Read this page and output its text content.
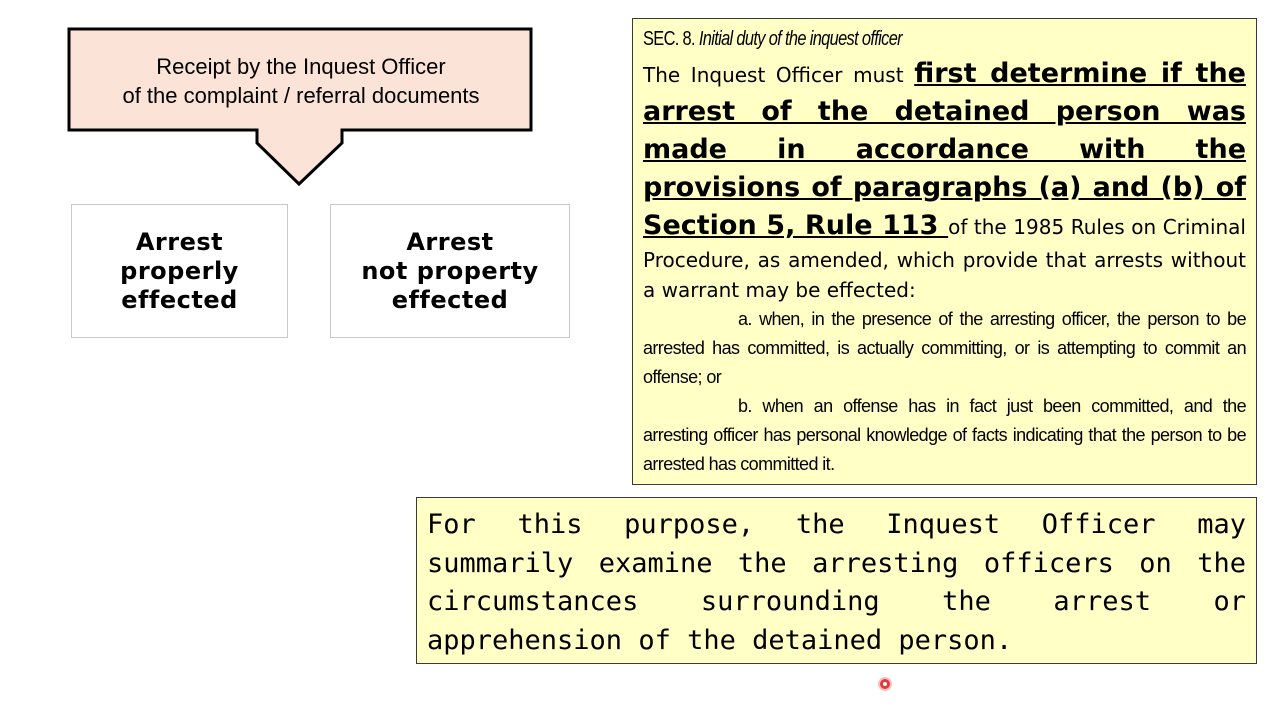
Receipt by the Inquest Officer
of the complaint / referral documents
Arrest
properly
effected
Arrest
not property
effected
SEC. 8. Initial duty of the inquest officer

The Inquest Officer must first determine if the arrest of the detained person was made in accordance with the provisions of paragraphs (a) and (b) of Section 5, Rule 113 of the 1985 Rules on Criminal Procedure, as amended, which provide that arrests without a warrant may be effected:

a. when, in the presence of the arresting officer, the person to be arrested has committed, is actually committing, or is attempting to commit an offense; or

b. when an offense has in fact just been committed, and the arresting officer has personal knowledge of facts indicating that the person to be arrested has committed it.

For this purpose, the Inquest Officer may summarily examine the arresting officers on the circumstances surrounding the arrest or apprehension of the detained person.
